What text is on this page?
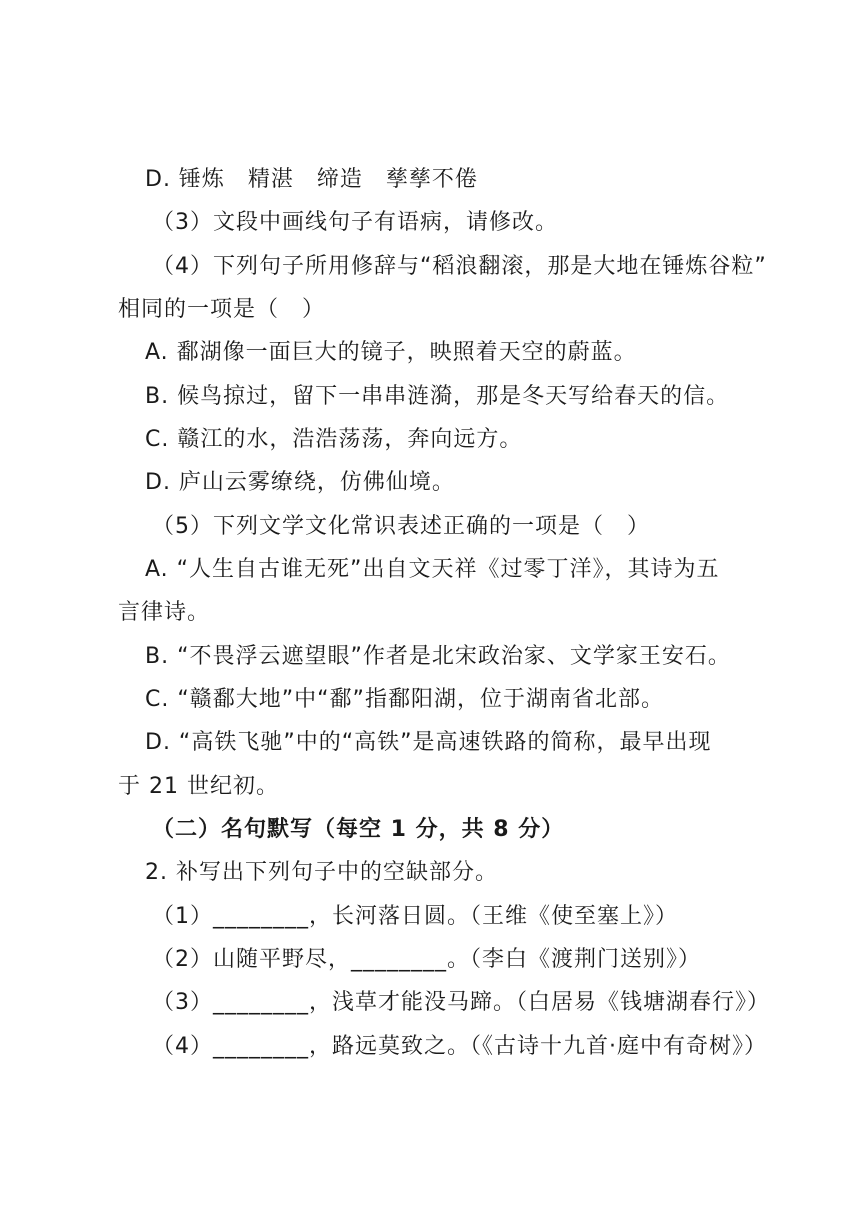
D. 锤炼　精湛　缔造　孳孳不倦
（3）文段中画线句子有语病，请修改。
（4）下列句子所用修辞与“稻浪翻滚，那是大地在锤炼谷粒”
相同的一项是（　）
A. 鄱湖像一面巨大的镜子，映照着天空的蔚蓝。
B. 候鸟掠过，留下一串串涟漪，那是冬天写给春天的信。
C. 赣江的水，浩浩荡荡，奔向远方。
D. 庐山云雾缭绕，仿佛仙境。
（5）下列文学文化常识表述正确的一项是（　）
A. “人生自古谁无死”出自文天祥《过零丁洋》，其诗为五
言律诗。
B. “不畏浮云遮望眼”作者是北宋政治家、文学家王安石。
C. “赣鄱大地”中“鄱”指鄱阳湖，位于湖南省北部。
D. “高铁飞驰”中的“高铁”是高速铁路的简称，最早出现
于 21 世纪初。
（二）名句默写（每空 1 分，共 8 分）
2. 补写出下列句子中的空缺部分。
（1）________，长河落日圆。（王维《使至塞上》）
（2）山随平野尽，________。（李白《渡荆门送别》）
（3）________，浅草才能没马蹄。（白居易《钱塘湖春行》）
（4）________，路远莫致之。（《古诗十九首·庭中有奇树》）
